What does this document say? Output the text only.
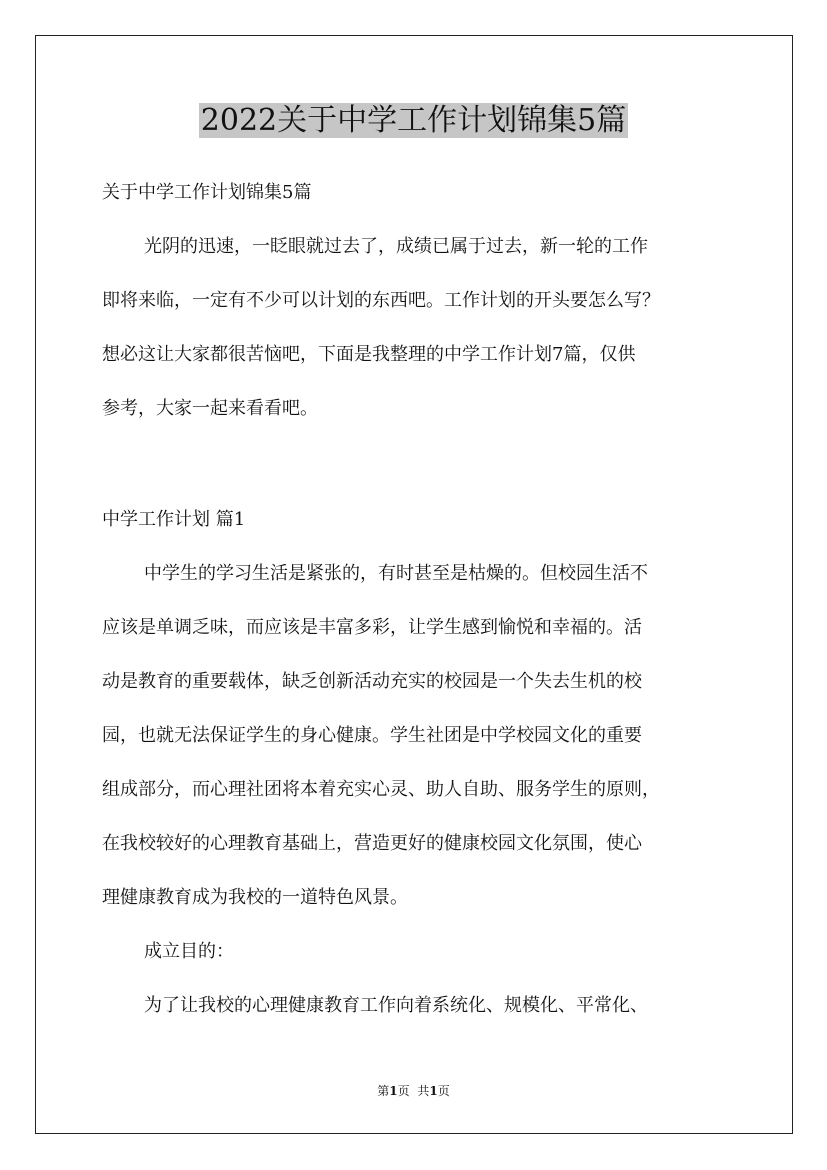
2022关于中学工作计划锦集5篇

关于中学工作计划锦集5篇

光阴的迅速，一眨眼就过去了，成绩已属于过去，新一轮的工作

即将来临，一定有不少可以计划的东西吧。工作计划的开头要怎么写？

想必这让大家都很苦恼吧，下面是我整理的中学工作计划7篇，仅供

参考，大家一起来看看吧。

中学工作计划 篇1

中学生的学习生活是紧张的，有时甚至是枯燥的。但校园生活不

应该是单调乏味，而应该是丰富多彩，让学生感到愉悦和幸福的。活

动是教育的重要载体，缺乏创新活动充实的校园是一个失去生机的校

园，也就无法保证学生的身心健康。学生社团是中学校园文化的重要

组成部分，而心理社团将本着充实心灵、助人自助、服务学生的原则，

在我校较好的心理教育基础上，营造更好的健康校园文化氛围，使心

理健康教育成为我校的一道特色风景。

成立目的：

为了让我校的心理健康教育工作向着系统化、规模化、平常化、

第1页 共1页
